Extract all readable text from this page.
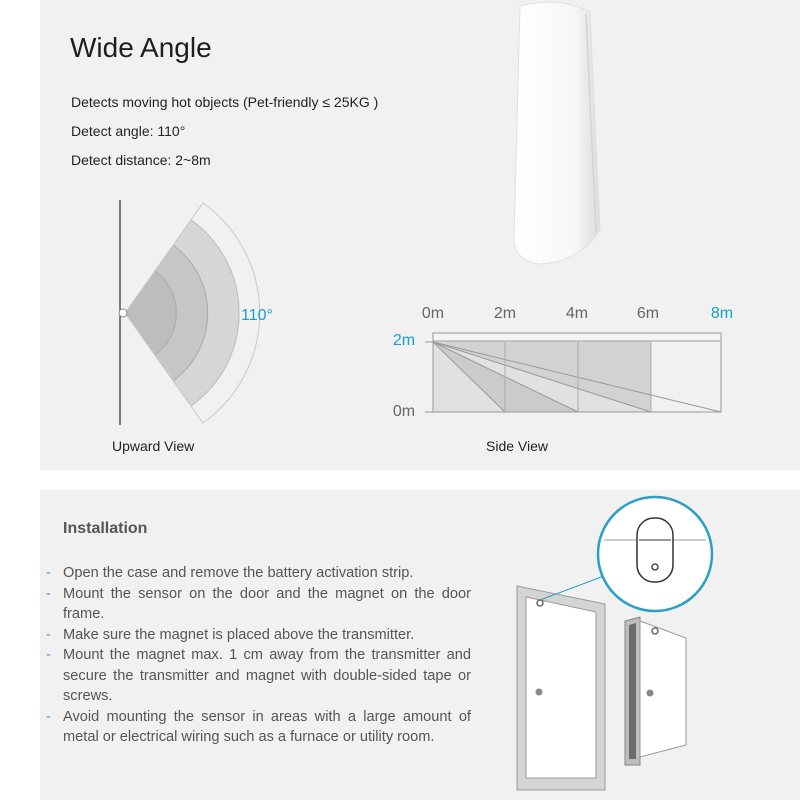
Wide Angle
Detects moving hot objects (Pet-friendly ≤ 25KG )
Detect angle: 110°
Detect distance: 2~8m
110°
Upward View
0m	2m	4m	6m	8m
2m
0m
Side View
Installation
- Open the case and remove the battery activation strip.
- Mount the sensor on the door and the magnet on the door frame.
- Make sure the magnet is placed above the transmitter.
- Mount the magnet max. 1 cm away from the transmitter and secure the transmitter and magnet with double-sided tape or screws.
- Avoid mounting the sensor in areas with a large amount of metal or electrical wiring such as a furnace or utility room.
